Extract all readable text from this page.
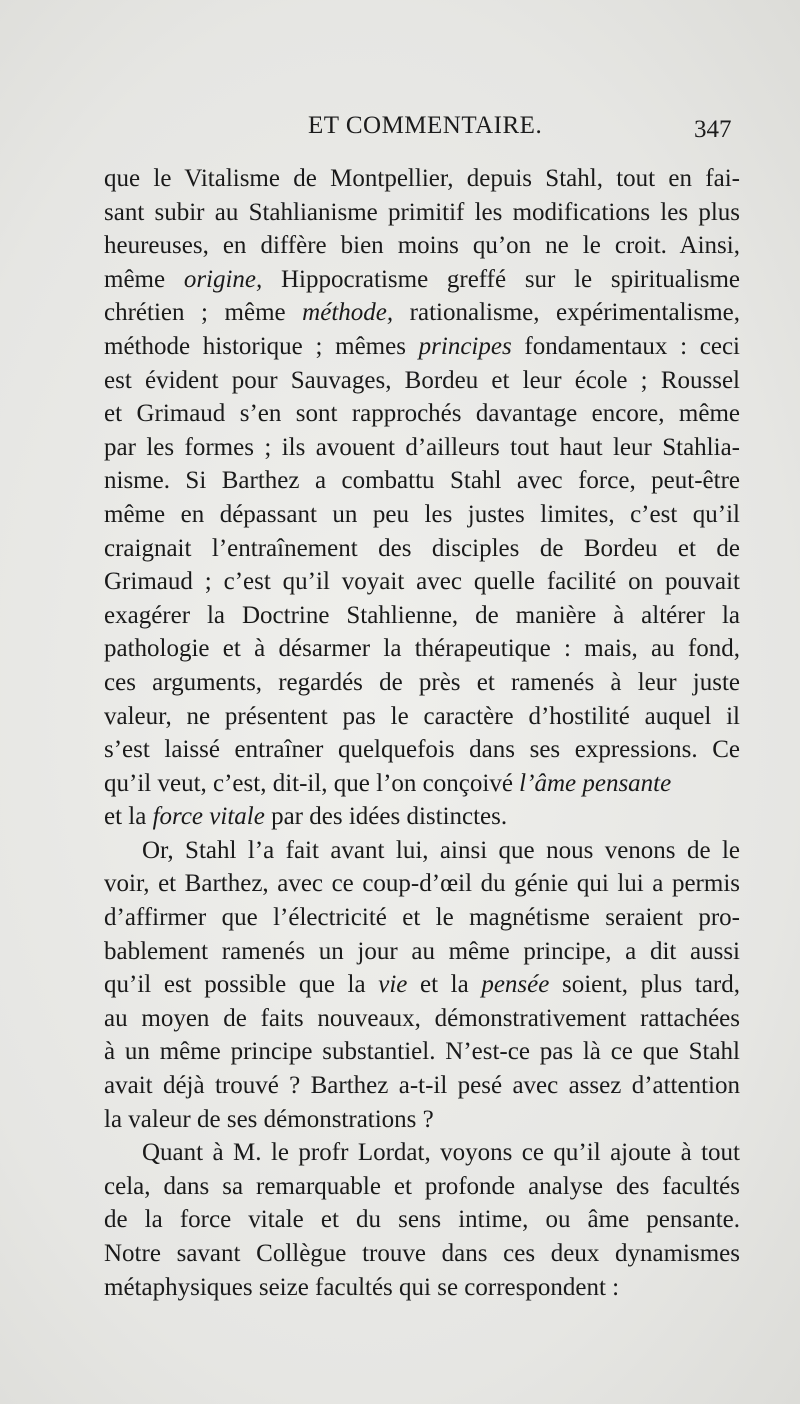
ET COMMENTAIRE.	347
que le Vitalisme de Montpellier, depuis Stahl, tout en fai-
sant subir au Stahlianisme primitif les modifications les plus
heureuses, en diffère bien moins qu’on ne le croit. Ainsi,
même origine, Hippocratisme greffé sur le spiritualisme
chrétien ; même méthode, rationalisme, expérimentalisme,
méthode historique ; mêmes principes fondamentaux : ceci
est évident pour Sauvages, Bordeu et leur école ; Roussel
et Grimaud s’en sont rapprochés davantage encore, même
par les formes ; ils avouent d’ailleurs tout haut leur Stahlia-
nisme. Si Barthez a combattu Stahl avec force, peut-être
même en dépassant un peu les justes limites, c’est qu’il
craignait l’entraînement des disciples de Bordeu et de
Grimaud ; c’est qu’il voyait avec quelle facilité on pouvait
exagérer la Doctrine Stahlienne, de manière à altérer la
pathologie et à désarmer la thérapeutique : mais, au fond,
ces arguments, regardés de près et ramenés à leur juste
valeur, ne présentent pas le caractère d’hostilité auquel il
s’est laissé entraîner quelquefois dans ses expressions. Ce
qu’il veut, c’est, dit-il, que l’on conçoivé l’âme pensante
et la force vitale par des idées distinctes.
Or, Stahl l’a fait avant lui, ainsi que nous venons de le
voir, et Barthez, avec ce coup-d’œil du génie qui lui a permis
d’affirmer que l’électricité et le magnétisme seraient pro-
bablement ramenés un jour au même principe, a dit aussi
qu’il est possible que la vie et la pensée soient, plus tard,
au moyen de faits nouveaux, démonstrativement rattachées
à un même principe substantiel. N’est-ce pas là ce que Stahl
avait déjà trouvé ? Barthez a-t-il pesé avec assez d’attention
la valeur de ses démonstrations ?
Quant à M. le profr Lordat, voyons ce qu’il ajoute à tout
cela, dans sa remarquable et profonde analyse des facultés
de la force vitale et du sens intime, ou âme pensante.
Notre savant Collègue trouve dans ces deux dynamismes
métaphysiques seize facultés qui se correspondent :
